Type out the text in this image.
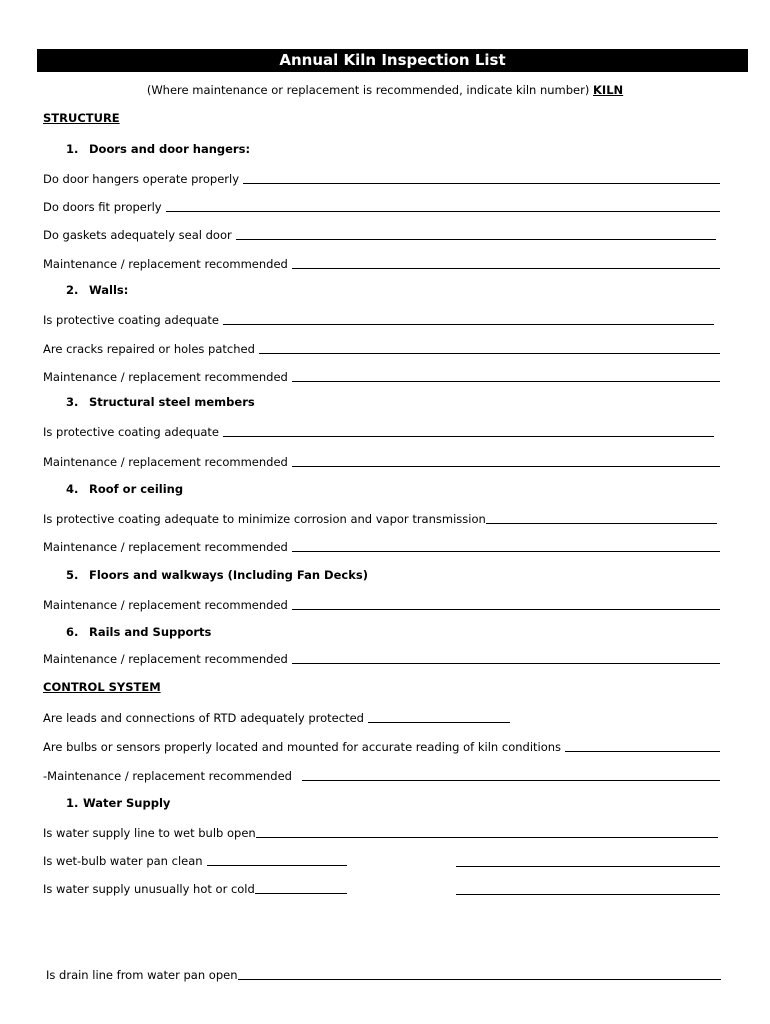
Annual Kiln Inspection List
(Where maintenance or replacement is recommended, indicate kiln number) KILN
STRUCTURE
1. Doors and door hangers:
Do door hangers operate properly
Do doors fit properly
Do gaskets adequately seal door
Maintenance / replacement recommended
2. Walls:
Is protective coating adequate
Are cracks repaired or holes patched
Maintenance / replacement recommended
3. Structural steel members
Is protective coating adequate
Maintenance / replacement recommended
4. Roof or ceiling
Is protective coating adequate to minimize corrosion and vapor transmission
Maintenance / replacement recommended
5. Floors and walkways (Including Fan Decks)
Maintenance / replacement recommended
6. Rails and Supports
Maintenance / replacement recommended
CONTROL SYSTEM
Are leads and connections of RTD adequately protected
Are bulbs or sensors properly located and mounted for accurate reading of kiln conditions
-Maintenance / replacement recommended
1. Water Supply
Is water supply line to wet bulb open
Is wet-bulb water pan clean
Is water supply unusually hot or cold
Is drain line from water pan open
